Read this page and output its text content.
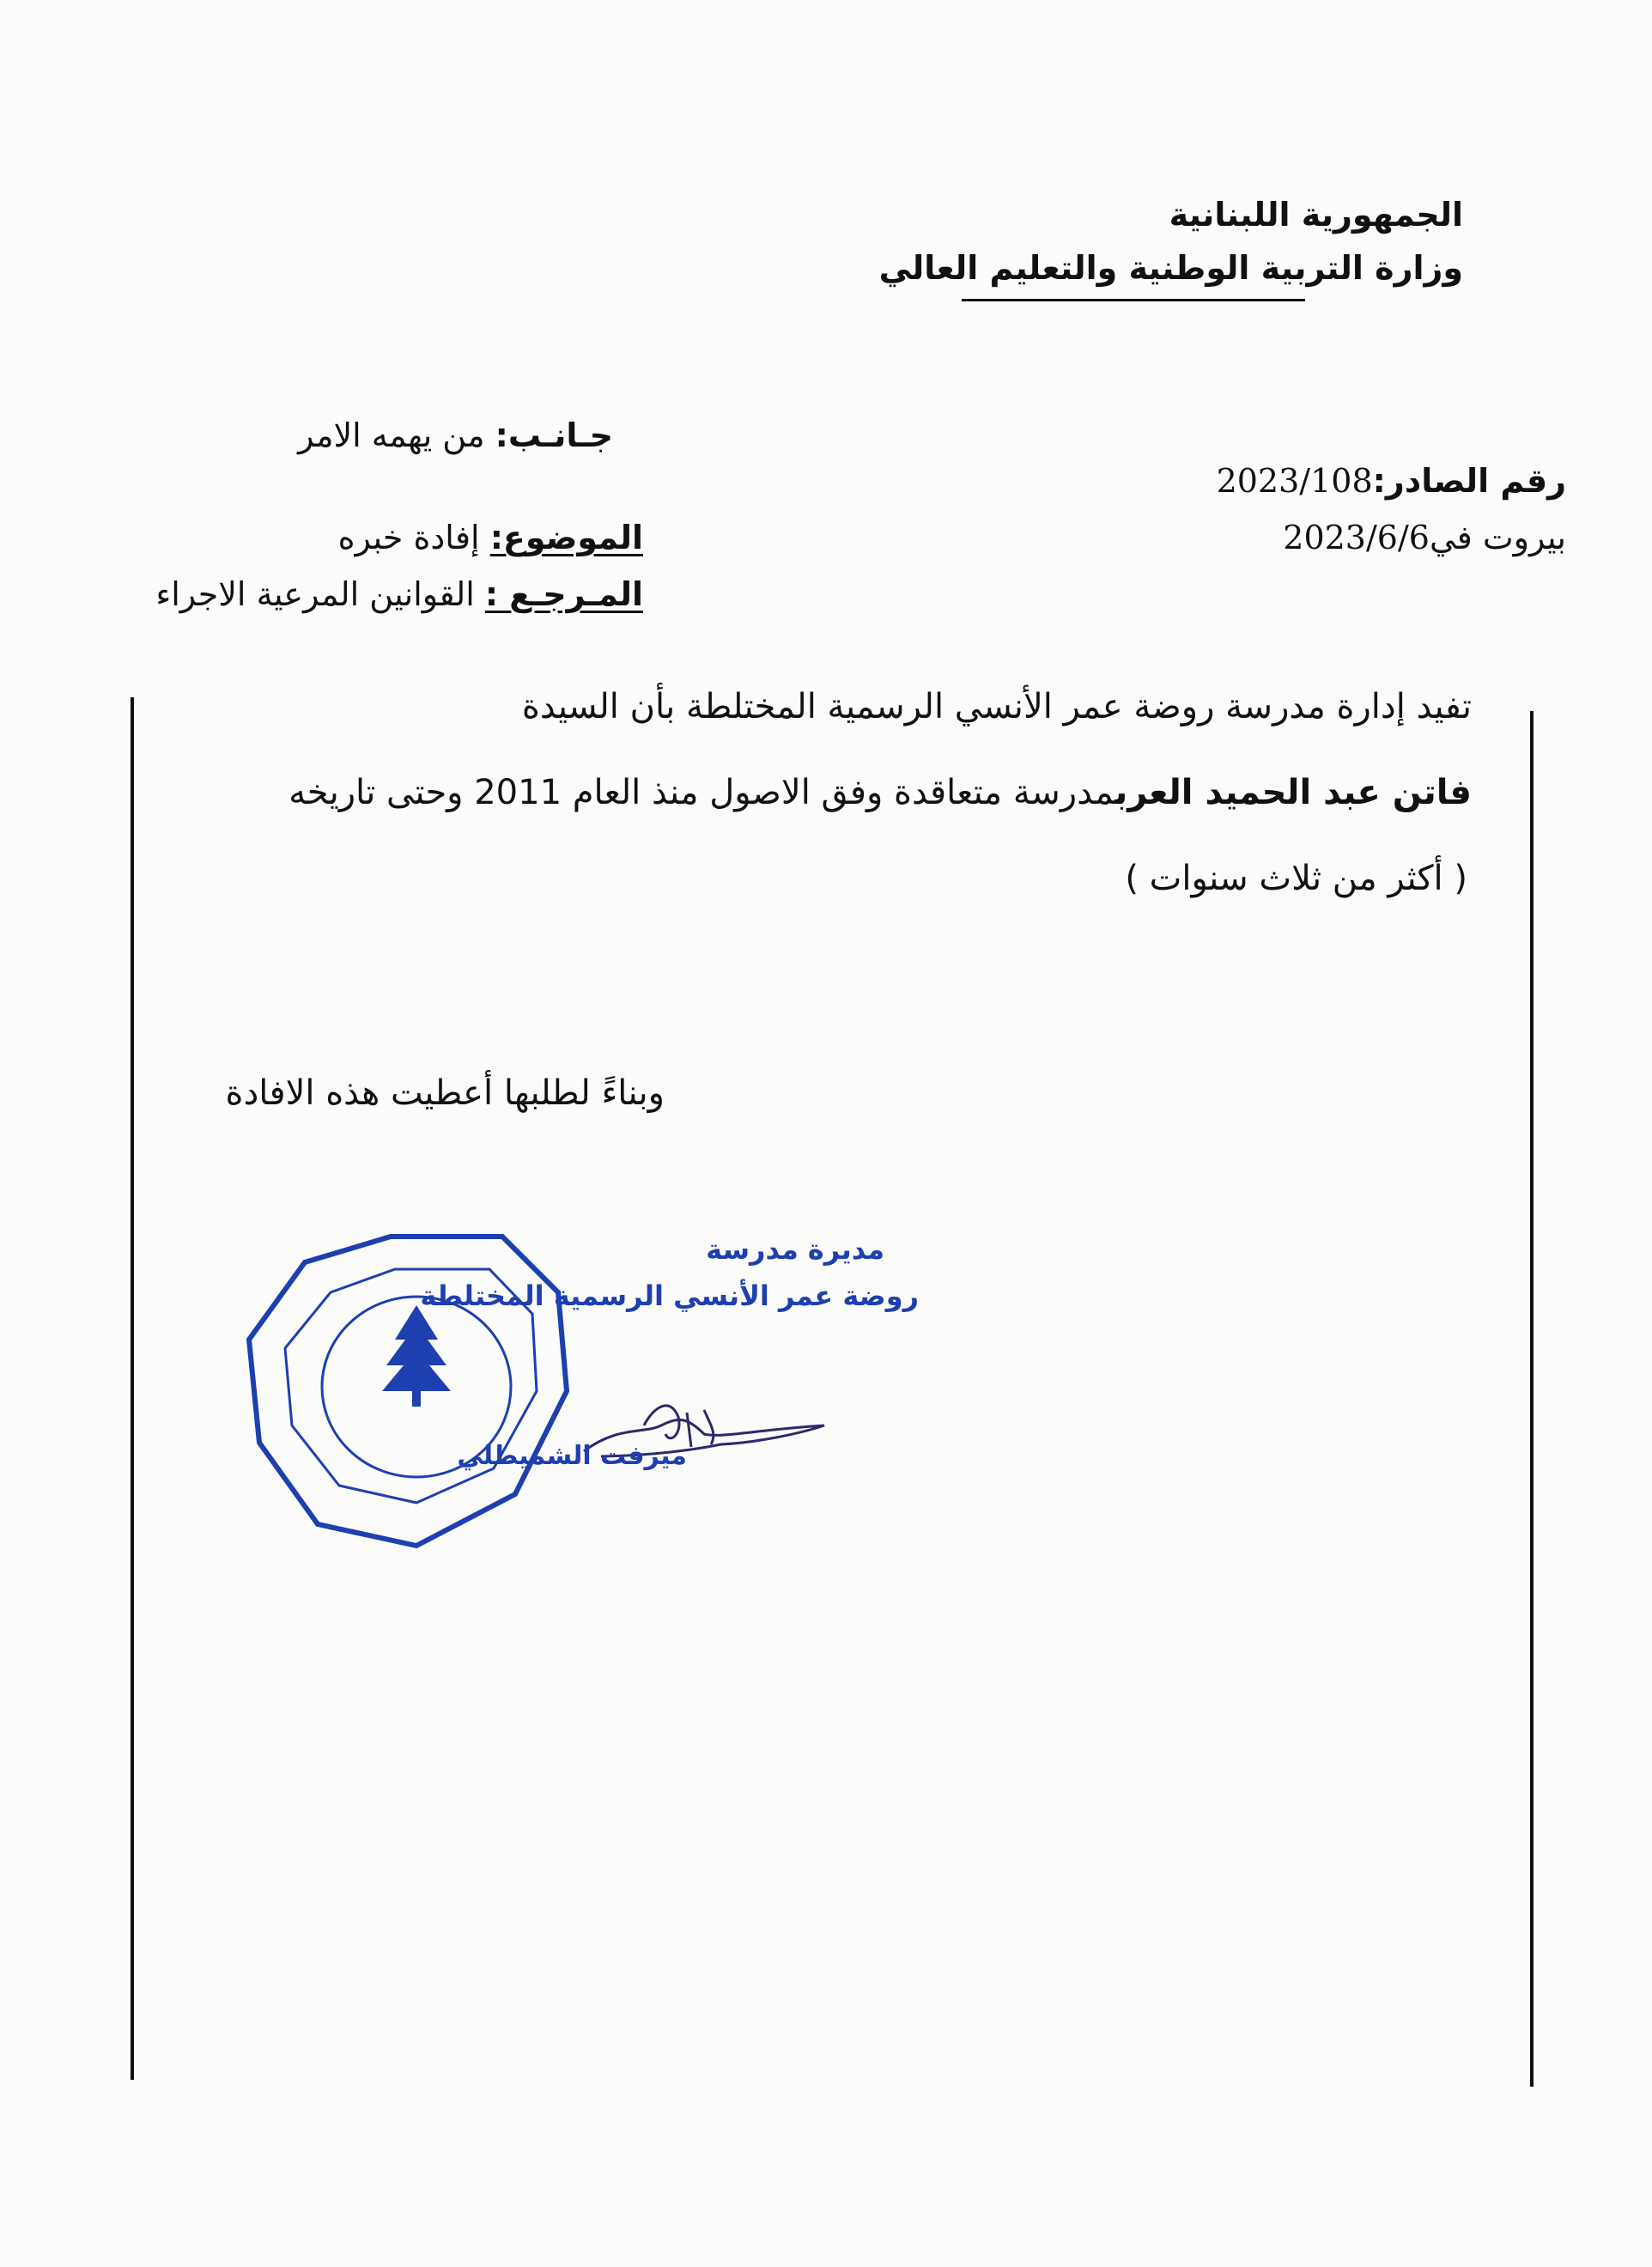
الجمهورية اللبنانية
وزارة التربية الوطنية والتعليم العالي
جـانـب: من يهمه الامر
رقم الصادر:2023/108
بيروت في2023/6/6
الموضوع: إفادة خبره
المـرجـع : القوانين المرعية الاجراء
تفيد إدارة مدرسة روضة عمر الأنسي الرسمية المختلطة بأن السيدة
فاتن عبد الحميد العربمدرسة متعاقدة وفق الاصول منذ العام 2011 وحتى تاريخه
( أكثر من ثلاث سنوات )
وبناءً لطلبها أعطيت هذه الافادة
مديرة مدرسة
روضة عمر الأنسي الرسمية المختلطة
ميرفت الشميطلي
